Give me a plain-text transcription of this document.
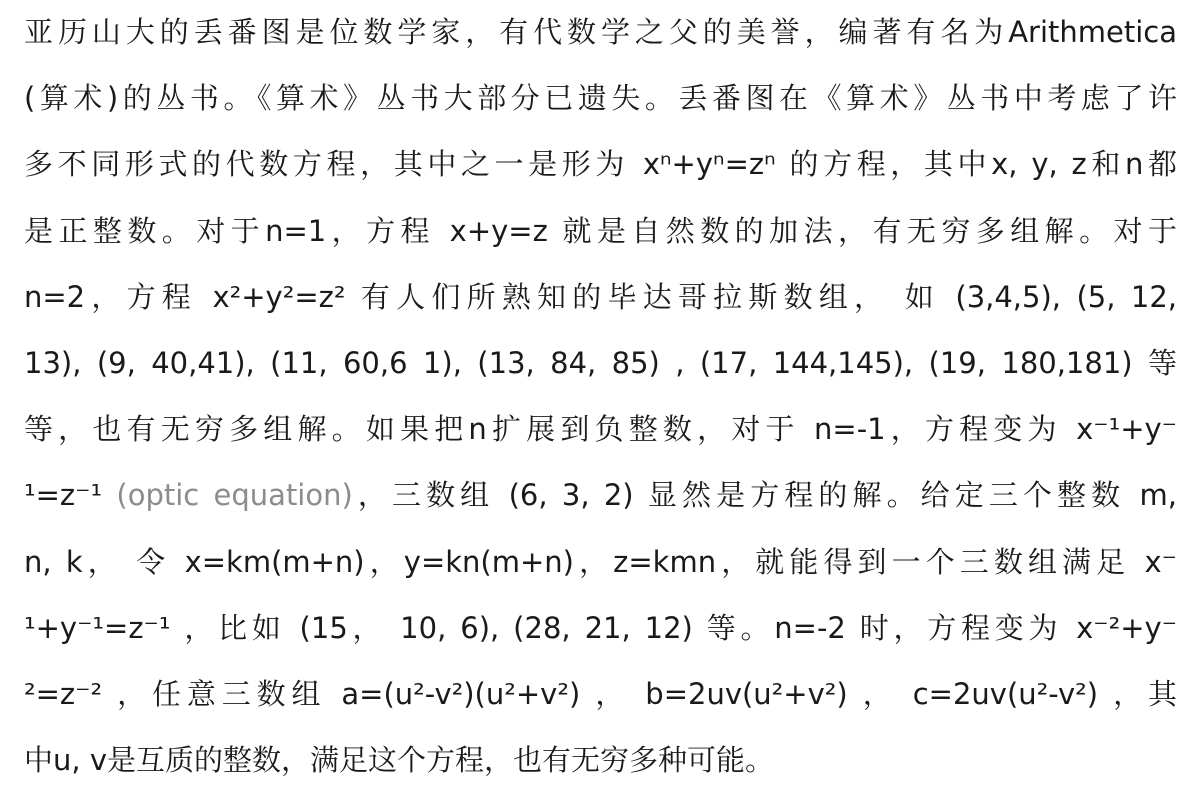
亚历山大的丢番图是位数学家，有代数学之父的美誉，编著有名为Arithmetica
(算术)的丛书。《算术》丛书大部分已遗失。丢番图在《算术》丛书中考虑了许
多不同形式的代数方程，其中之一是形为 xⁿ+yⁿ=zⁿ 的方程，其中x, y, z和n都
是正整数。对于n=1，方程 x+y=z 就是自然数的加法，有无穷多组解。对于
n=2，方程 x²+y²=z² 有人们所熟知的毕达哥拉斯数组， 如 (3,4,5), (5, 12,
13), (9, 40,41), (11, 60,6 1), (13, 84, 85) , (17, 144,145), (19, 180,181) 等
等，也有无穷多组解。如果把n扩展到负整数，对于 n=-1，方程变为 x⁻¹+y⁻
¹=z⁻¹ (optic equation)，三数组 (6, 3, 2) 显然是方程的解。给定三个整数 m,
n, k， 令 x=km(m+n)，y=kn(m+n)，z=kmn，就能得到一个三数组满足 x⁻
¹+y⁻¹=z⁻¹ ，比如 (15， 10, 6), (28, 21, 12) 等。n=-2 时，方程变为 x⁻²+y⁻
²=z⁻² ，任意三数组 a=(u²-v²)(u²+v²) ， b=2uv(u²+v²) ， c=2uv(u²-v²) ，其
中u, v是互质的整数，满足这个方程，也有无穷多种可能。
